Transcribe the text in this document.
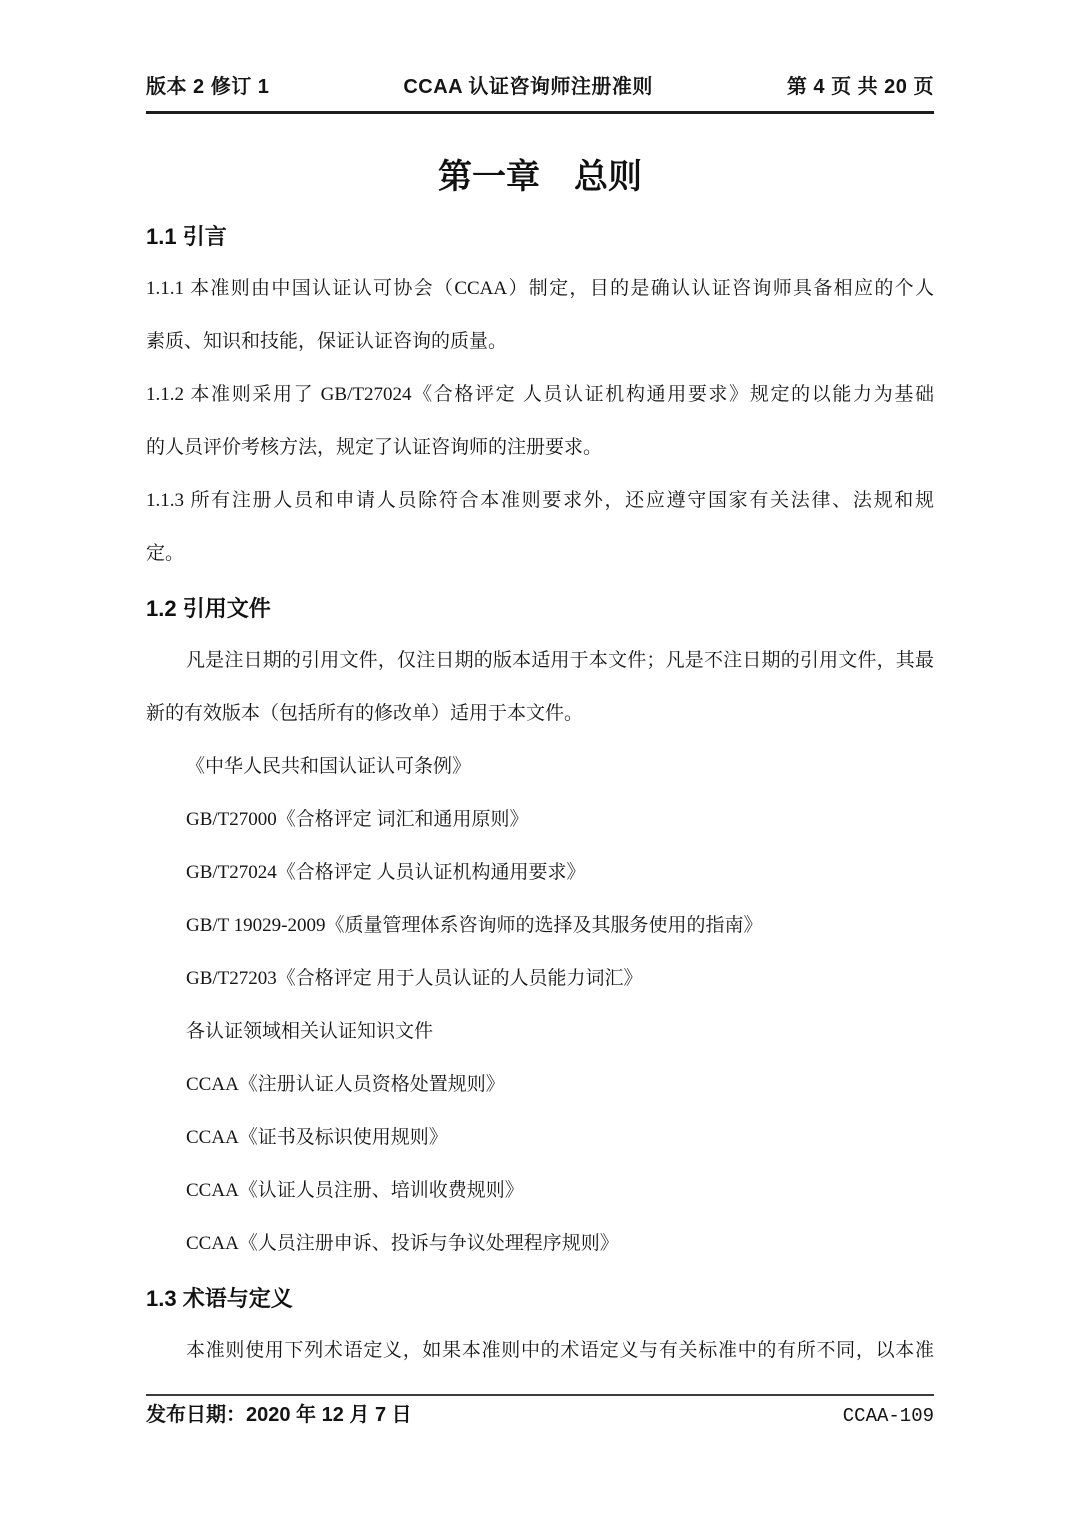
版本 2 修订 1	CCAA 认证咨询师注册准则	第 4 页 共 20 页
第一章　总则
1.1 引言
1.1.1 本准则由中国认证认可协会（CCAA）制定，目的是确认认证咨询师具备相应的个人
素质、知识和技能，保证认证咨询的质量。
1.1.2 本准则采用了 GB/T27024《合格评定 人员认证机构通用要求》规定的以能力为基础
的人员评价考核方法，规定了认证咨询师的注册要求。
1.1.3 所有注册人员和申请人员除符合本准则要求外，还应遵守国家有关法律、法规和规
定。
1.2 引用文件
凡是注日期的引用文件，仅注日期的版本适用于本文件；凡是不注日期的引用文件，其最
新的有效版本（包括所有的修改单）适用于本文件。
《中华人民共和国认证认可条例》
GB/T27000《合格评定 词汇和通用原则》
GB/T27024《合格评定 人员认证机构通用要求》
GB/T 19029-2009《质量管理体系咨询师的选择及其服务使用的指南》
GB/T27203《合格评定 用于人员认证的人员能力词汇》
各认证领域相关认证知识文件
CCAA《注册认证人员资格处置规则》
CCAA《证书及标识使用规则》
CCAA《认证人员注册、培训收费规则》
CCAA《人员注册申诉、投诉与争议处理程序规则》
1.3 术语与定义
本准则使用下列术语定义，如果本准则中的术语定义与有关标准中的有所不同，以本准
发布日期：2020 年 12 月 7 日	CCAA-109
